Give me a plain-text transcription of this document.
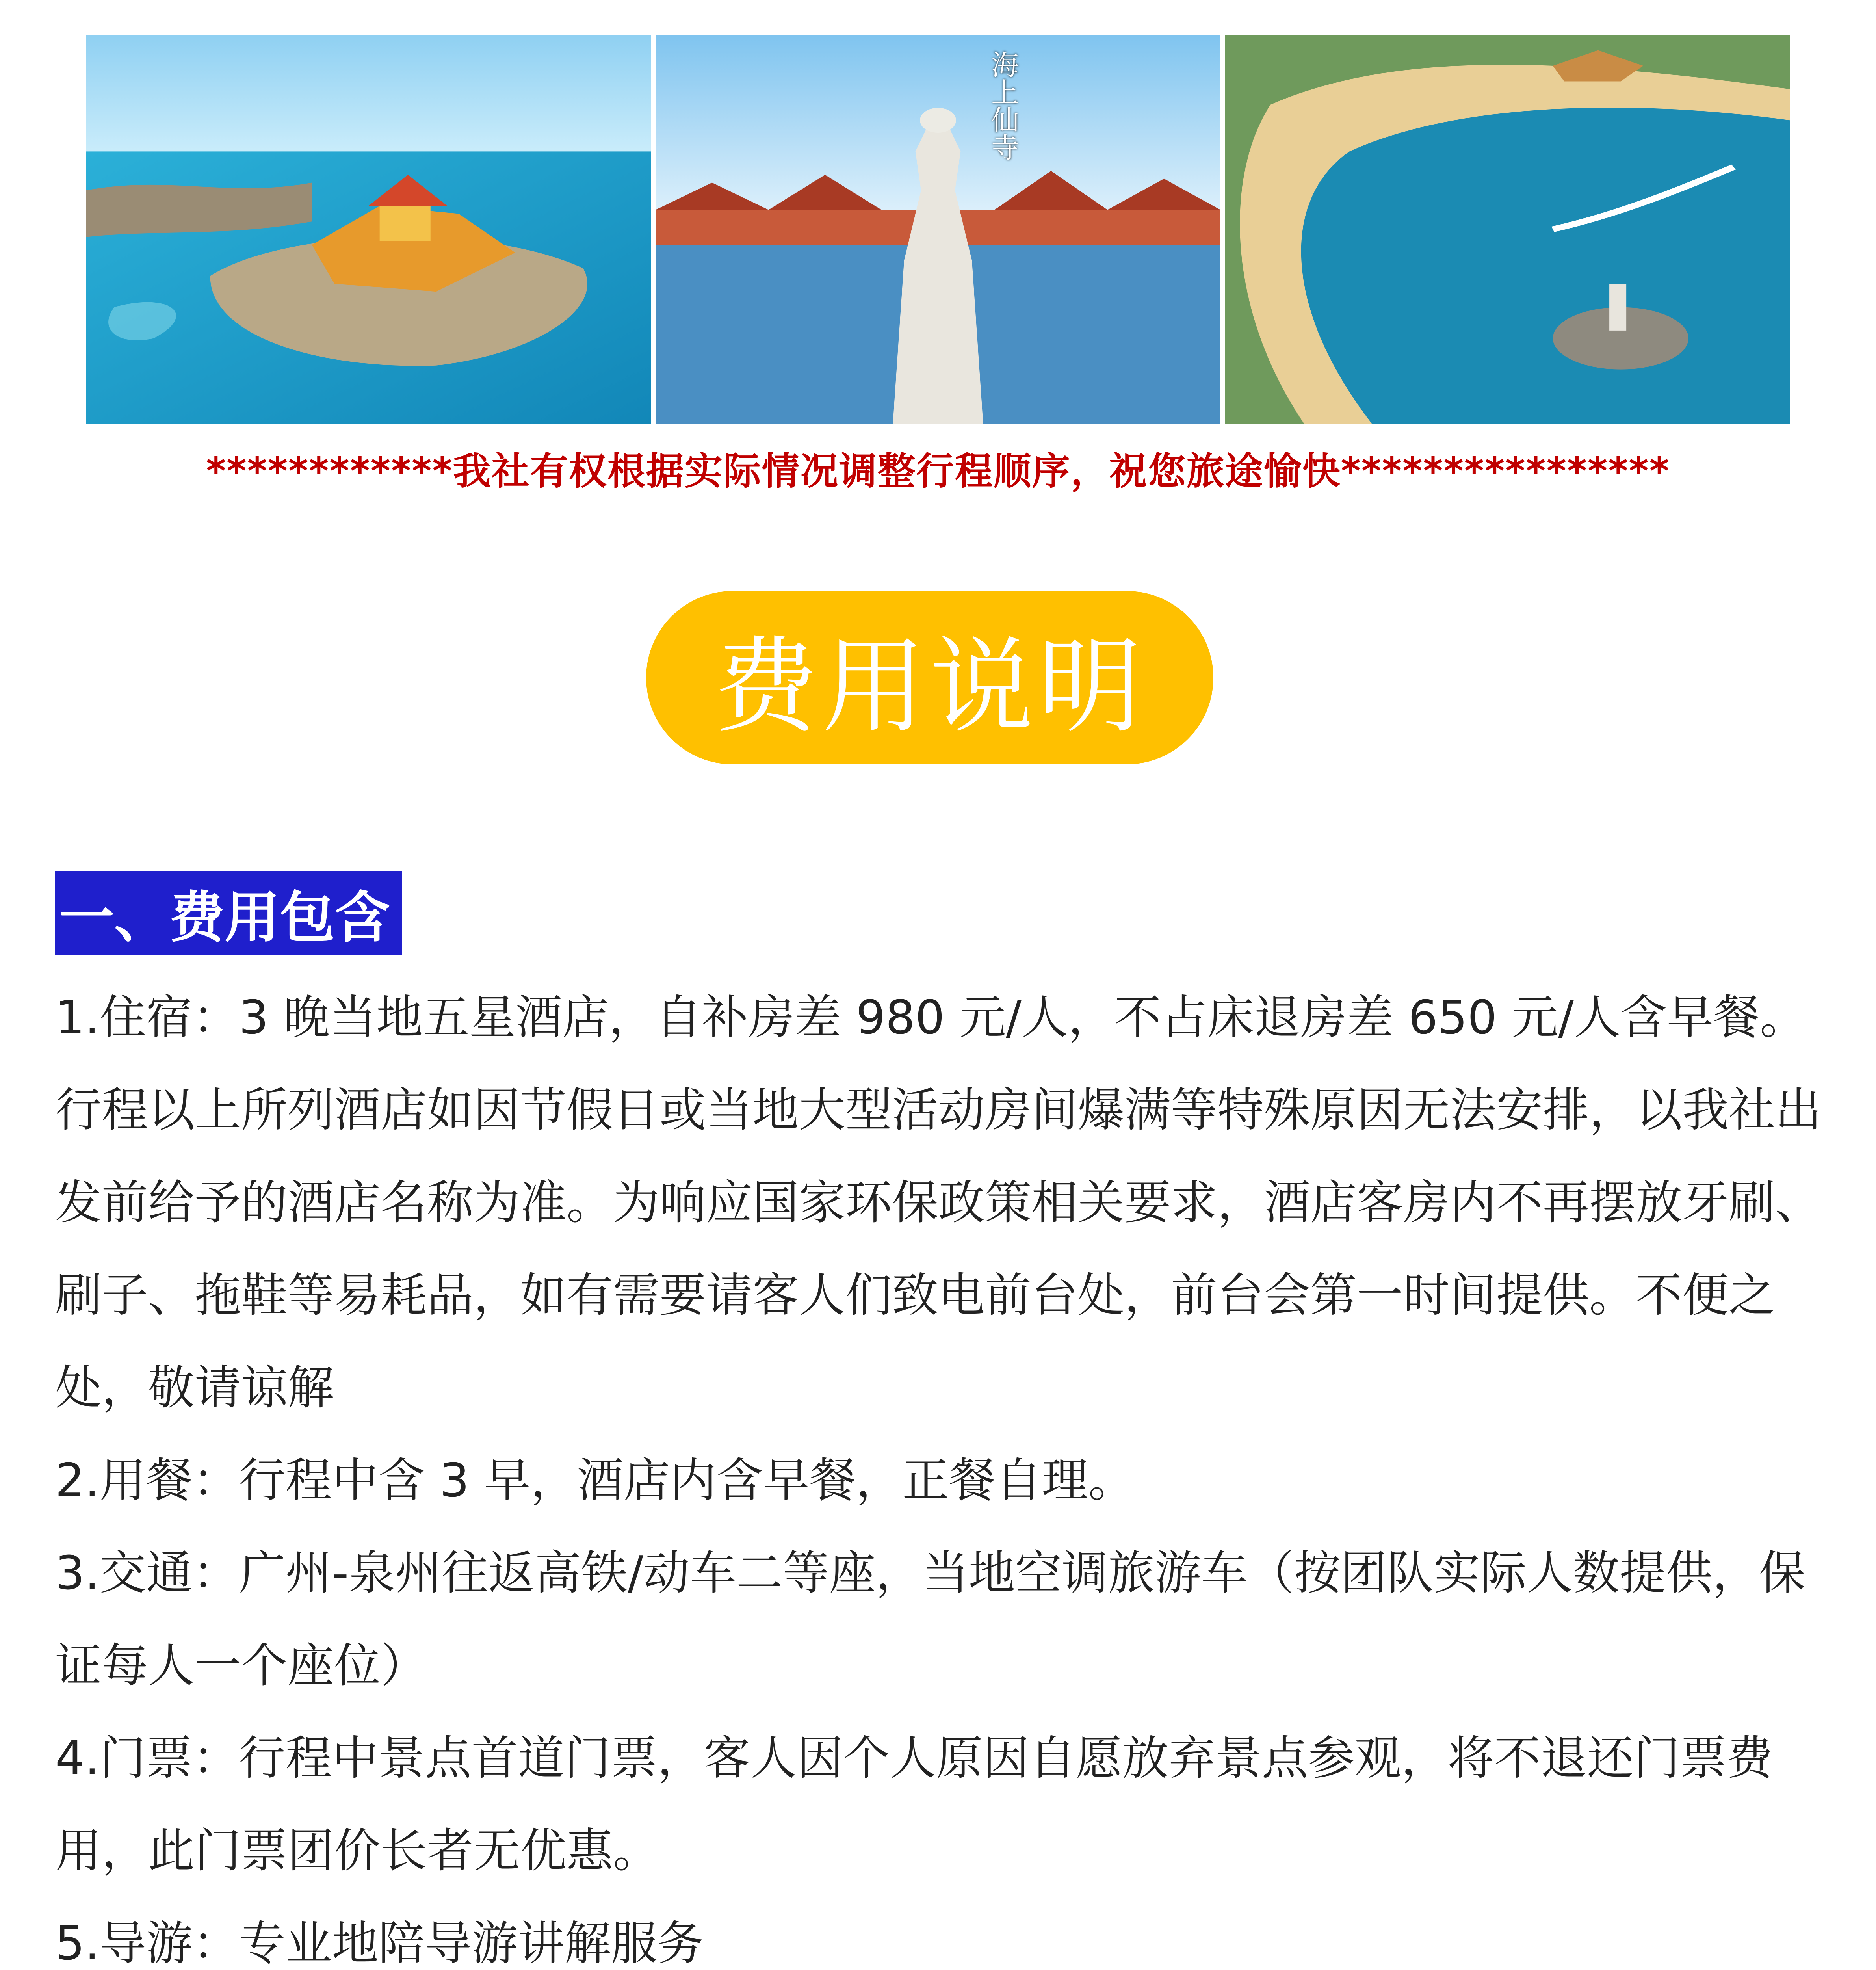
海上仙寺
************我社有权根据实际情况调整行程顺序，祝您旅途愉快****************
费用说明
一、费用包含

1.住宿：3 晚当地五星酒店，自补房差 980 元/人，不占床退房差 650 元/人含早餐。

行程以上所列酒店如因节假日或当地大型活动房间爆满等特殊原因无法安排，以我社出发前给予的酒店名称为准。为响应国家环保政策相关要求，酒店客房内不再摆放牙刷、刷子、拖鞋等易耗品，如有需要请客人们致电前台处，前台会第一时间提供。不便之处，敬请谅解

2.用餐：行程中含 3 早，酒店内含早餐，正餐自理。

3.交通：广州-泉州往返高铁/动车二等座，当地空调旅游车（按团队实际人数提供，保证每人一个座位）

4.门票：行程中景点首道门票，客人因个人原因自愿放弃景点参观，将不退还门票费用，此门票团价长者无优惠。

5.导游：专业地陪导游讲解服务
